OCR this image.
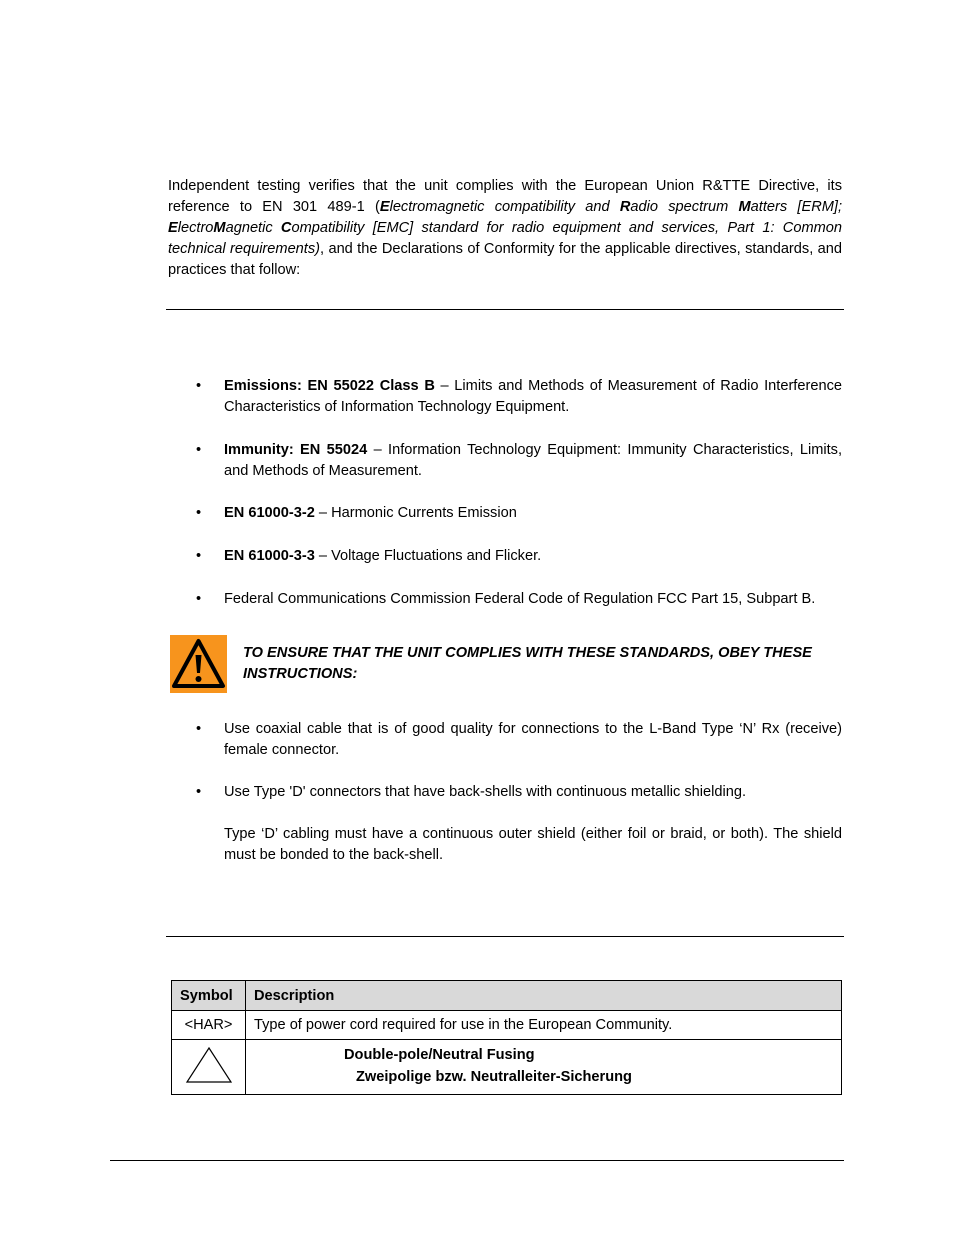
Independent testing verifies that the unit complies with the European Union R&TTE Directive, its reference to EN 301 489-1 (Electromagnetic compatibility and Radio spectrum Matters [ERM]; ElectroMagnetic Compatibility [EMC] standard for radio equipment and services, Part 1: Common technical requirements), and the Declarations of Conformity for the applicable directives, standards, and practices that follow:
•	Emissions: EN 55022 Class B – Limits and Methods of Measurement of Radio Interference Characteristics of Information Technology Equipment.
•	Immunity: EN 55024 – Information Technology Equipment: Immunity Characteristics, Limits, and Methods of Measurement.
•	EN 61000-3-2 – Harmonic Currents Emission
•	EN 61000-3-3 – Voltage Fluctuations and Flicker.
•	Federal Communications Commission Federal Code of Regulation FCC Part 15, Subpart B.
TO ENSURE THAT THE UNIT COMPLIES WITH THESE STANDARDS, OBEY THESE INSTRUCTIONS:
•	Use coaxial cable that is of good quality for connections to the L-Band Type ‘N’ Rx (receive) female connector.
•	Use Type 'D' connectors that have back-shells with continuous metallic shielding.
Type ‘D’ cabling must have a continuous outer shield (either foil or braid, or both). The shield must be bonded to the back-shell.
Symbol	Description
<HAR>	Type of power cord required for use in the European Community.

Double-pole/Neutral Fusing
Zweipolige bzw. Neutralleiter-Sicherung
